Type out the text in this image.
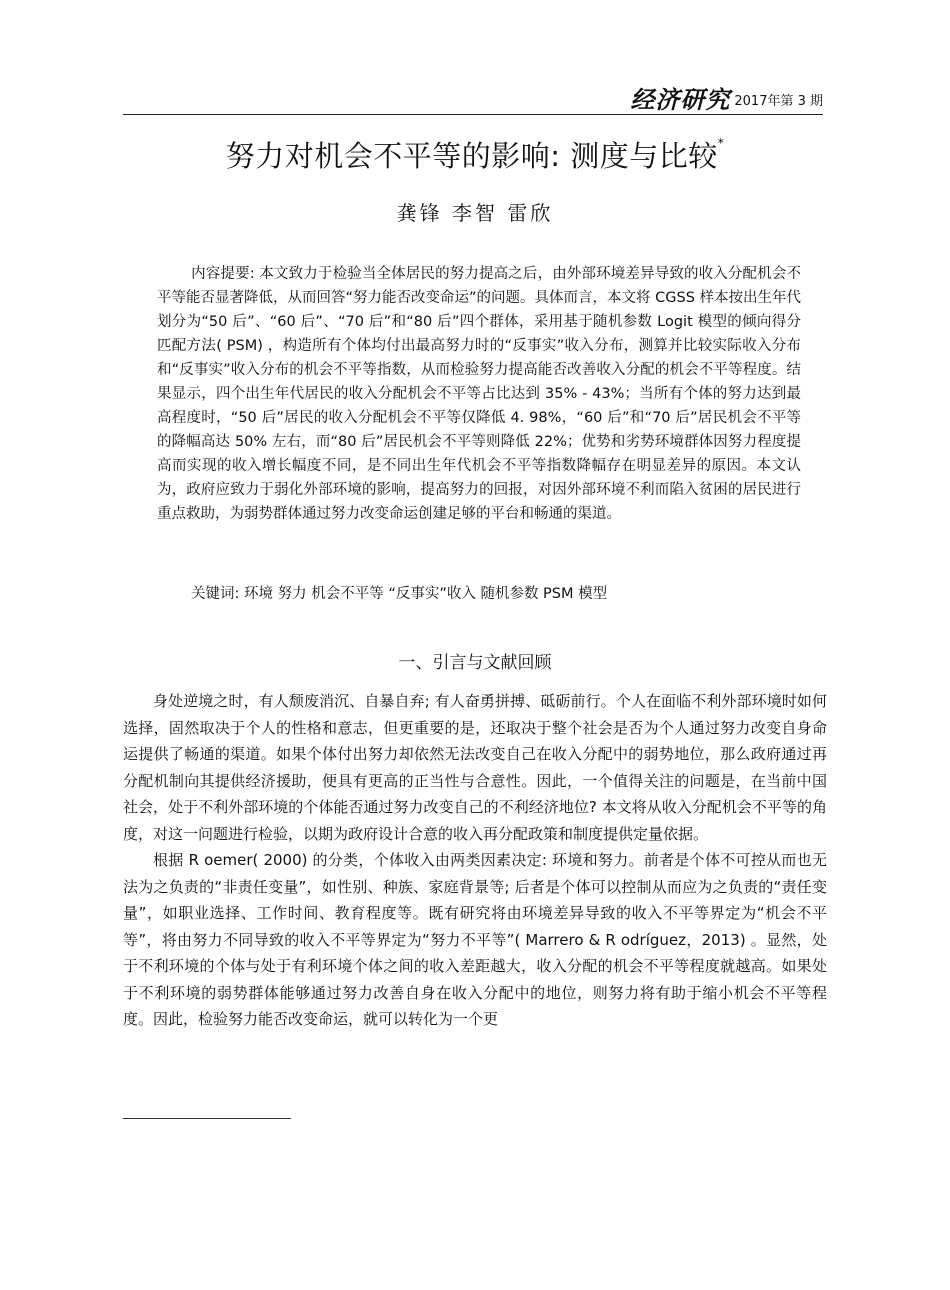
经济研究 2017年第 3 期
努力对机会不平等的影响: 测度与比较*
龚锋 李智 雷欣

内容提要: 本文致力于检验当全体居民的努力提高之后，由外部环境差异导致的收入分配机会不平等能否显著降低，从而回答“努力能否改变命运”的问题。具体而言，本文将 CGSS 样本按出生年代划分为“50 后”、“60 后”、“70 后”和“80 后”四个群体，采用基于随机参数 Logit 模型的倾向得分匹配方法( PSM) ，构造所有个体均付出最高努力时的“反事实”收入分布，测算并比较实际收入分布和“反事实”收入分布的机会不平等指数，从而检验努力提高能否改善收入分配的机会不平等程度。结果显示，四个出生年代居民的收入分配机会不平等占比达到 35% - 43%；当所有个体的努力达到最高程度时，“50 后”居民的收入分配机会不平等仅降低 4. 98%，“60 后”和“70 后”居民机会不平等的降幅高达 50% 左右，而“80 后”居民机会不平等则降低 22%；优势和劣势环境群体因努力程度提高而实现的收入增长幅度不同，是不同出生年代机会不平等指数降幅存在明显差异的原因。本文认为，政府应致力于弱化外部环境的影响，提高努力的回报，对因外部环境不利而陷入贫困的居民进行重点救助，为弱势群体通过努力改变命运创建足够的平台和畅通的渠道。

关键词: 环境 努力 机会不平等 “反事实”收入 随机参数 PSM 模型

一、引言与文献回顾

身处逆境之时，有人颓废消沉、自暴自弃; 有人奋勇拼搏、砥砺前行。个人在面临不利外部环境时如何选择，固然取决于个人的性格和意志，但更重要的是，还取决于整个社会是否为个人通过努力改变自身命运提供了畅通的渠道。如果个体付出努力却依然无法改变自己在收入分配中的弱势地位，那么政府通过再分配机制向其提供经济援助，便具有更高的正当性与合意性。因此，一个值得关注的问题是，在当前中国社会，处于不利外部环境的个体能否通过努力改变自己的不利经济地位? 本文将从收入分配机会不平等的角度，对这一问题进行检验，以期为政府设计合意的收入再分配政策和制度提供定量依据。

根据 R oemer( 2000) 的分类，个体收入由两类因素决定: 环境和努力。前者是个体不可控从而也无法为之负责的“非责任变量”，如性别、种族、家庭背景等; 后者是个体可以控制从而应为之负责的“责任变量”，如职业选择、工作时间、教育程度等。既有研究将由环境差异导致的收入不平等界定为“机会不平等”，将由努力不同导致的收入不平等界定为“努力不平等”( Marrero & R odríguez，2013) 。显然，处于不利环境的个体与处于有利环境个体之间的收入差距越大，收入分配的机会不平等程度就越高。如果处于不利环境的弱势群体能够通过努力改善自身在收入分配中的地位，则努力将有助于缩小机会不平等程度。因此，检验努力能否改变命运，就可以转化为一个更
